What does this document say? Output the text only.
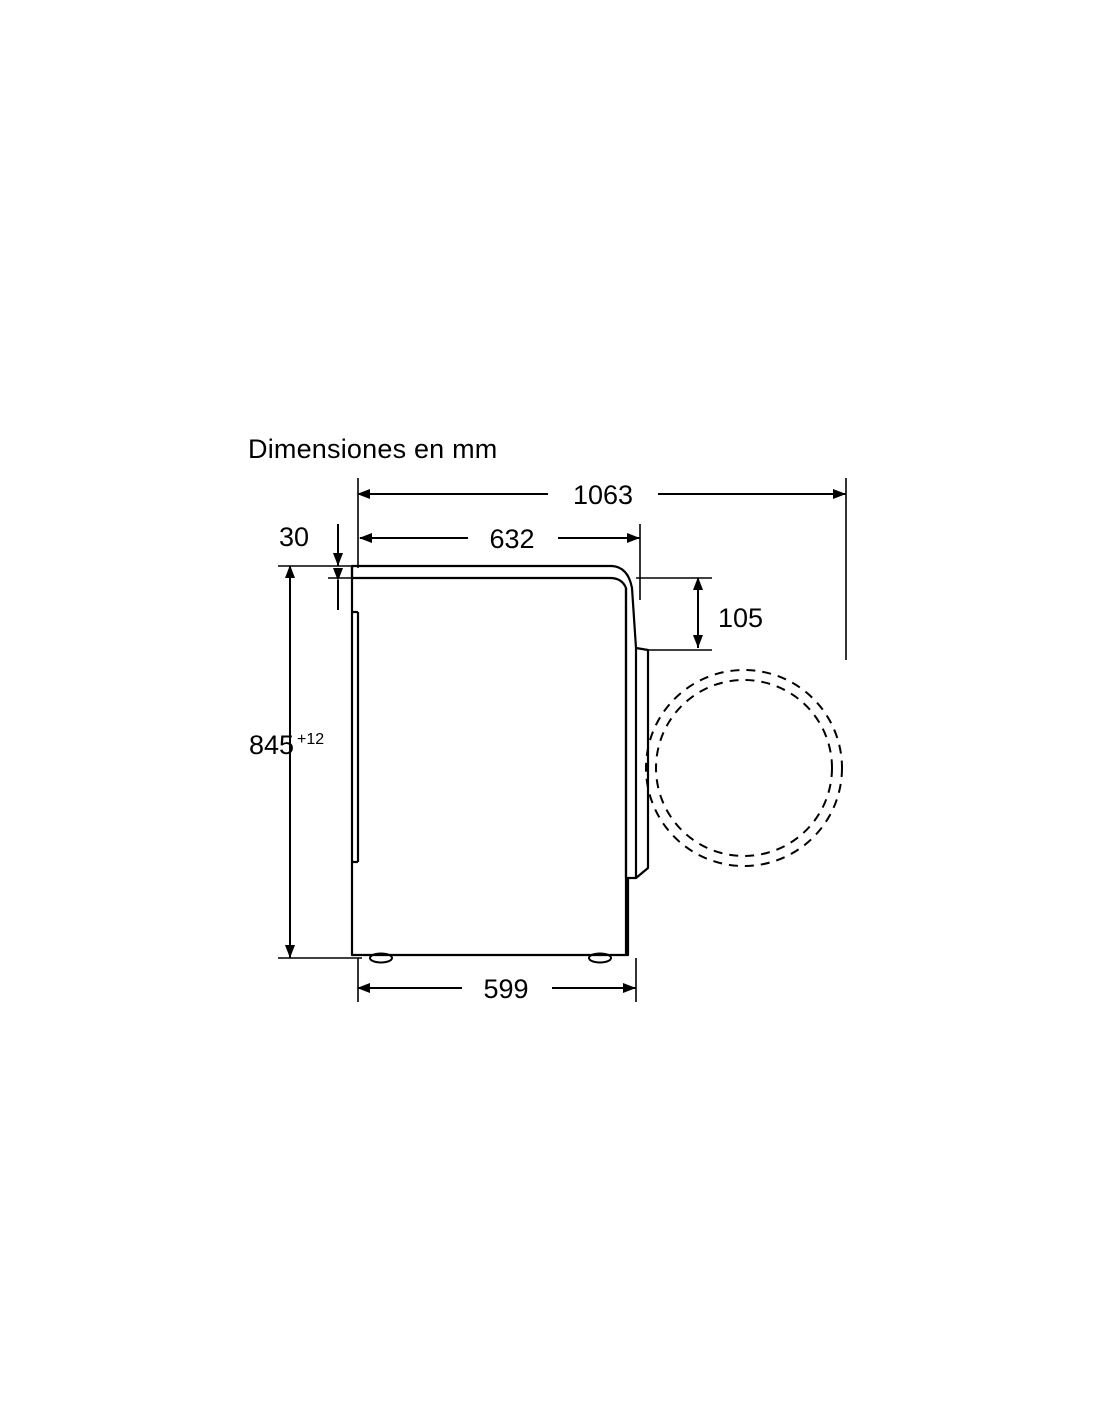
Dimensiones en mm
1063
632
30
845 +12
105
599
